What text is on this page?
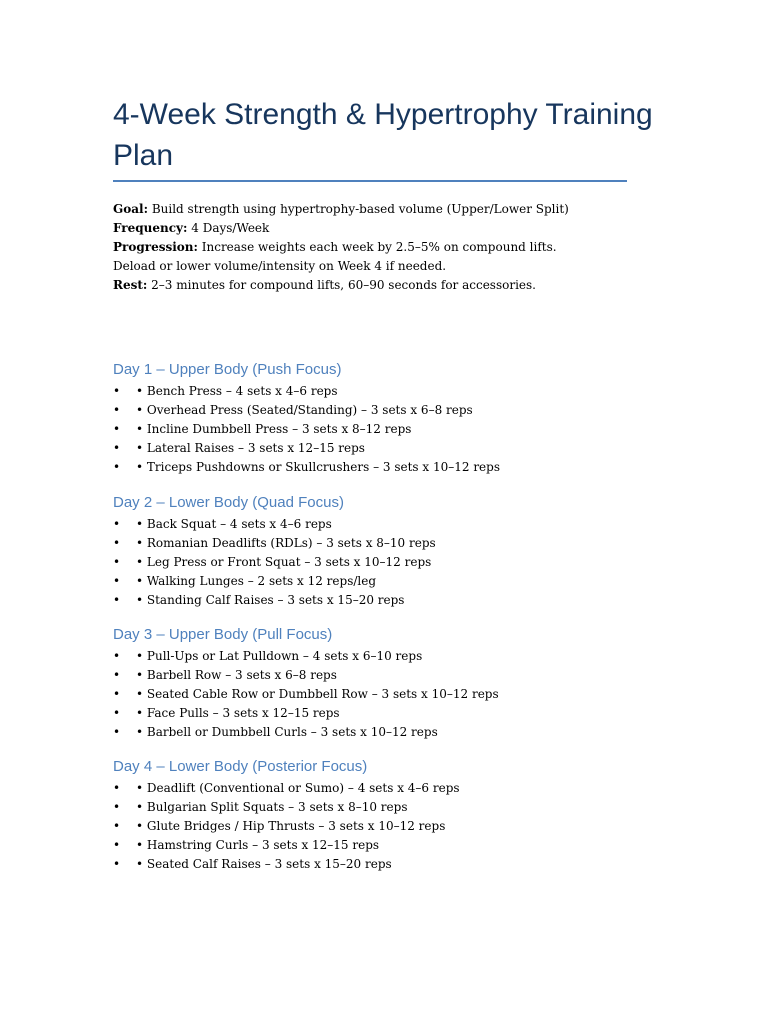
4-Week Strength & Hypertrophy Training Plan
Goal: Build strength using hypertrophy-based volume (Upper/Lower Split)
Frequency: 4 Days/Week
Progression: Increase weights each week by 2.5–5% on compound lifts.
Deload or lower volume/intensity on Week 4 if needed.
Rest: 2–3 minutes for compound lifts, 60–90 seconds for accessories.
Day 1 – Upper Body (Push Focus)
• • Bench Press – 4 sets x 4–6 reps
• • Overhead Press (Seated/Standing) – 3 sets x 6–8 reps
• • Incline Dumbbell Press – 3 sets x 8–12 reps
• • Lateral Raises – 3 sets x 12–15 reps
• • Triceps Pushdowns or Skullcrushers – 3 sets x 10–12 reps
Day 2 – Lower Body (Quad Focus)
• • Back Squat – 4 sets x 4–6 reps
• • Romanian Deadlifts (RDLs) – 3 sets x 8–10 reps
• • Leg Press or Front Squat – 3 sets x 10–12 reps
• • Walking Lunges – 2 sets x 12 reps/leg
• • Standing Calf Raises – 3 sets x 15–20 reps
Day 3 – Upper Body (Pull Focus)
• • Pull-Ups or Lat Pulldown – 4 sets x 6–10 reps
• • Barbell Row – 3 sets x 6–8 reps
• • Seated Cable Row or Dumbbell Row – 3 sets x 10–12 reps
• • Face Pulls – 3 sets x 12–15 reps
• • Barbell or Dumbbell Curls – 3 sets x 10–12 reps
Day 4 – Lower Body (Posterior Focus)
• • Deadlift (Conventional or Sumo) – 4 sets x 4–6 reps
• • Bulgarian Split Squats – 3 sets x 8–10 reps
• • Glute Bridges / Hip Thrusts – 3 sets x 10–12 reps
• • Hamstring Curls – 3 sets x 12–15 reps
• • Seated Calf Raises – 3 sets x 15–20 reps
